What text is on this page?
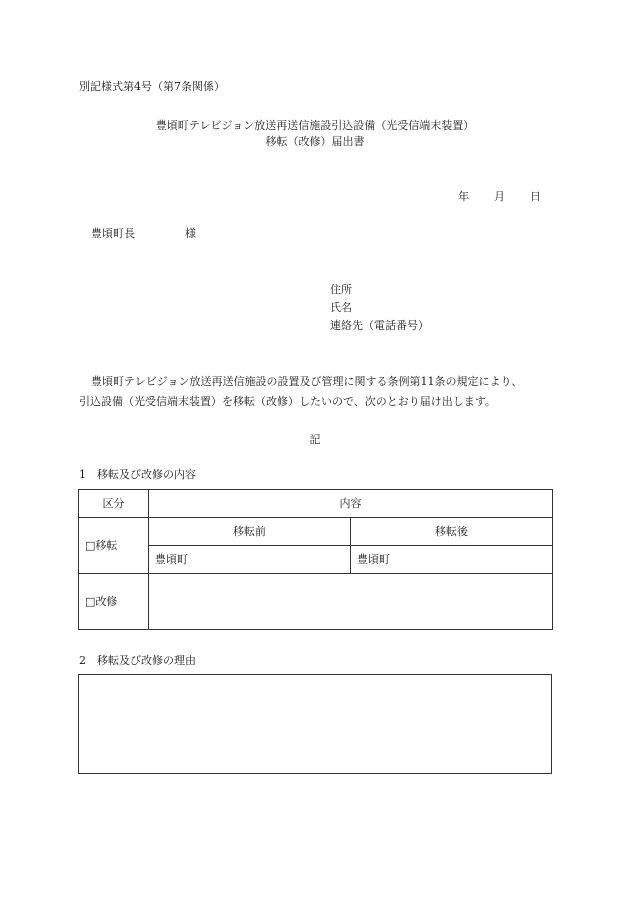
別記様式第4号（第7条関係）
豊頃町テレビジョン放送再送信施設引込設備（光受信端末装置）
移転（改修）届出書
年 月 日
豊頃町長	様
住所
氏名
連絡先（電話番号）
豊頃町テレビジョン放送再送信施設の設置及び管理に関する条例第11条の規定により、
引込設備（光受信端末装置）を移転（改修）したいので、次のとおり届け出します。
記
1　移転及び改修の内容
区分	内容	
□移転	移転前	移転後
	豊頃町	豊頃町
□改修		
2　移転及び改修の理由
